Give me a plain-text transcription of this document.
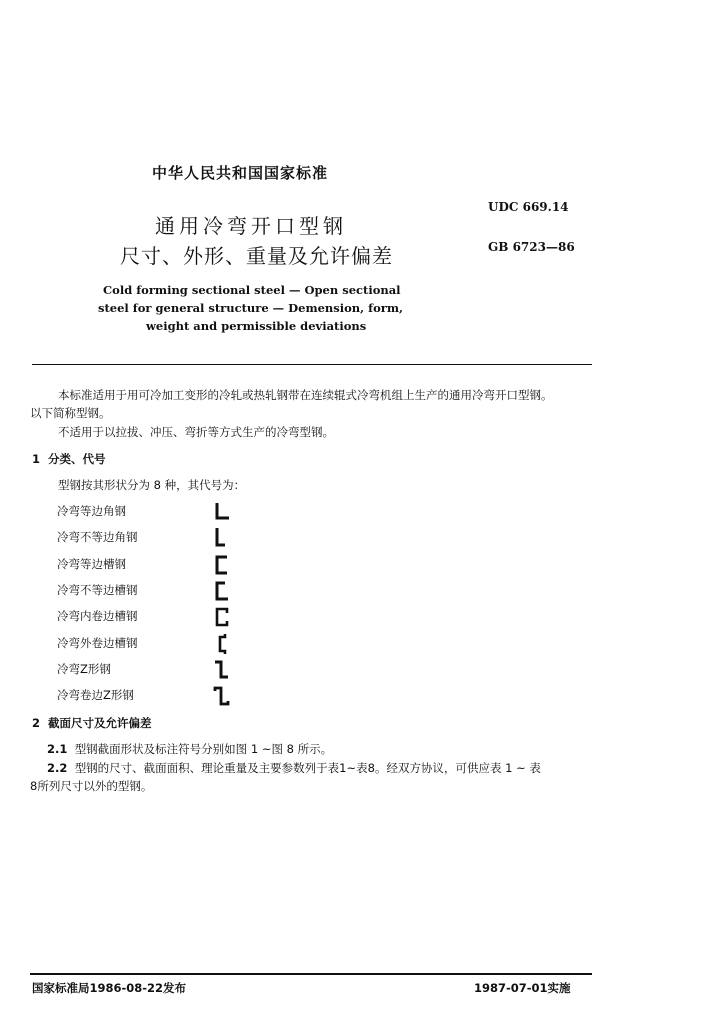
中华人民共和国国家标准
UDC 669.14
通用冷弯开口型钢
尺寸、外形、重量及允许偏差	GB 6723—86
Cold forming sectional steel — Open sectional
steel for general structure — Demension, form,
weight and permissible deviations
本标准适用于用可冷加工变形的冷轧或热轧钢带在连续辊式冷弯机组上生产的通用冷弯开口型钢。
以下简称型钢。
不适用于以拉拔、冲压、弯折等方式生产的冷弯型钢。
1 分类、代号
型钢按其形状分为 8 种，其代号为：
冷弯等边角钢
冷弯不等边角钢
冷弯等边槽钢
冷弯不等边槽钢
冷弯内卷边槽钢
冷弯外卷边槽钢
冷弯Z形钢
冷弯卷边Z形钢
2 截面尺寸及允许偏差
2.1 型钢截面形状及标注符号分别如图 1 ~图 8 所示。
2.2 型钢的尺寸、截面面积、理论重量及主要参数列于表1~表8。经双方协议，可供应表 1 ~ 表
8所列尺寸以外的型钢。
国家标准局1986-08-22发布	1987-07-01实施
